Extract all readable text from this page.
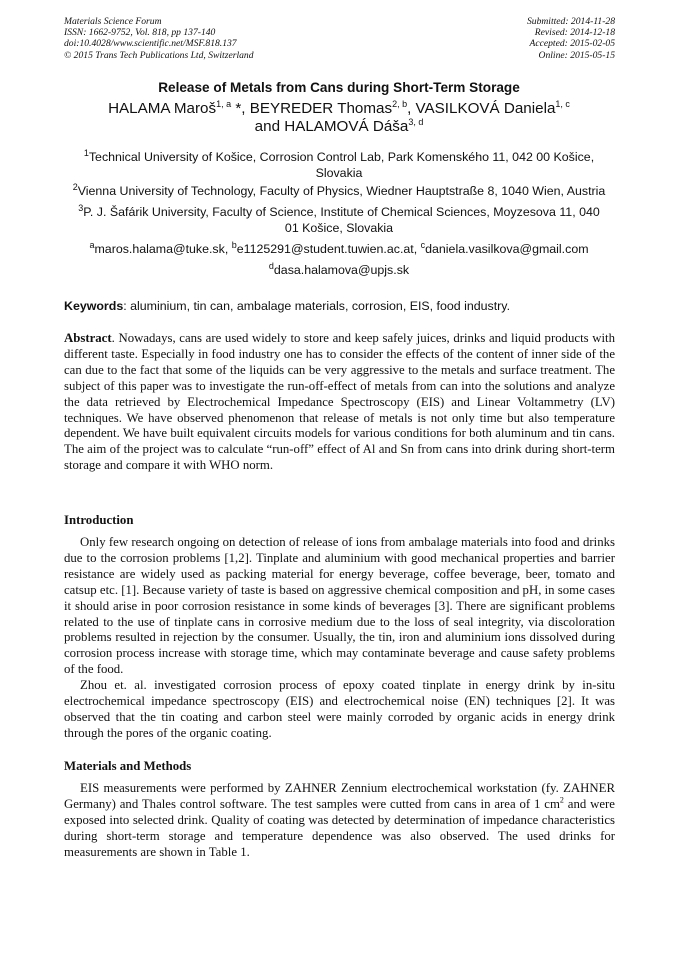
Materials Science Forum
ISSN: 1662-9752, Vol. 818, pp 137-140
doi:10.4028/www.scientific.net/MSF.818.137
© 2015 Trans Tech Publications Ltd, Switzerland
Submitted: 2014-11-28
Revised: 2014-12-18
Accepted: 2015-02-05
Online: 2015-05-15
Release of Metals from Cans during Short-Term Storage
HALAMA Maroš$^{1, a}$ *, BEYREDER Thomas$^{2, b}$, VASILKOVÁ Daniela$^{1, c}$
and HALAMOVÁ Dáša$^{3, d}$
$^1$Technical University of Košice, Corrosion Control Lab, Park Komenského 11, 042 00 Košice, Slovakia
$^2$Vienna University of Technology, Faculty of Physics, Wiedner Hauptstraße 8, 1040 Wien, Austria
$^3$P. J. Šafárik University, Faculty of Science, Institute of Chemical Sciences, Moyzesova 11, 040 01 Košice, Slovakia
$^a$maros.halama@tuke.sk, $^b$e1125291@student.tuwien.ac.at, $^c$daniela.vasilkova@gmail.com
$^d$dasa.halamova@upjs.sk
Keywords: aluminium, tin can, ambalage materials, corrosion, EIS, food industry.

Abstract. Nowadays, cans are used widely to store and keep safely juices, drinks and liquid products with different taste. Especially in food industry one has to consider the effects of the content of inner side of the can due to the fact that some of the liquids can be very aggressive to the metals and surface treatment. The subject of this paper was to investigate the run-off-effect of metals from can into the solutions and analyze the data retrieved by Electrochemical Impedance Spectroscopy (EIS) and Linear Voltammetry (LV) techniques. We have observed phenomenon that release of metals is not only time but also temperature dependent. We have built equivalent circuits models for various conditions for both aluminum and tin cans. The aim of the project was to calculate “run-off” effect of Al and Sn from cans into drink during short-term storage and compare it with WHO norm.

Introduction

Only few research ongoing on detection of release of ions from ambalage materials into food and drinks due to the corrosion problems [1,2]. Tinplate and aluminium with good mechanical properties and barrier resistance are widely used as packing material for energy beverage, coffee beverage, beer, tomato and catsup etc. [1]. Because variety of taste is based on aggressive chemical composition and pH, in some cases it should arise in poor corrosion resistance in some kinds of beverages [3]. There are significant problems related to the use of tinplate cans in corrosive medium due to the loss of seal integrity, via discoloration problems resulted in rejection by the consumer. Usually, the tin, iron and aluminium ions dissolved during corrosion process increase with storage time, which may contaminate beverage and cause safety problems of the food.

Zhou et. al. investigated corrosion process of epoxy coated tinplate in energy drink by in-situ electrochemical impedance spectroscopy (EIS) and electrochemical noise (EN) techniques [2]. It was observed that the tin coating and carbon steel were mainly corroded by organic acids in energy drink through the pores of the organic coating.

Materials and Methods

EIS measurements were performed by ZAHNER Zennium electrochemical workstation (fy. ZAHNER Germany) and Thales control software. The test samples were cutted from cans in area of 1 $cm^2$ and were exposed into selected drink. Quality of coating was detected by determination of impedance characteristics during short-term storage and temperature dependence was also observed. The used drinks for measurements are shown in Table 1.
